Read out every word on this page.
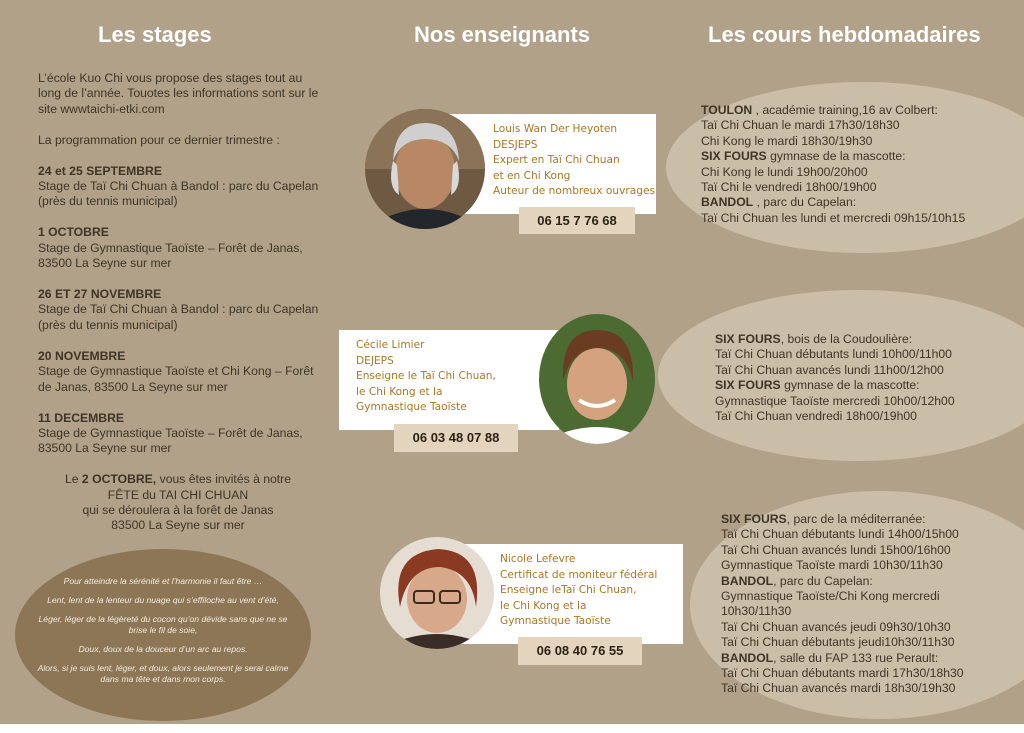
Les stages	Nos enseignants	Les cours hebdomadaires

L’école Kuo Chi vous propose des stages tout au long de l’année. Touotes les informations sont sur le site wwwtaichi-etki.com

La programmation pour ce dernier trimestre :

24 et 25 SEPTEMBRE
Stage de Taï Chi Chuan à Bandol : parc du Capelan (près du tennis municipal)

1 OCTOBRE
Stage de Gymnastique Taoïste – Forêt de Janas, 83500 La Seyne sur mer

26 ET 27 NOVEMBRE
Stage de Taï Chi Chuan à Bandol : parc du Capelan (près du tennis municipal)

20 NOVEMBRE
Stage de Gymnastique Taoïste et Chi Kong – Forêt de Janas, 83500 La Seyne sur mer

11 DECEMBRE
Stage de Gymnastique Taoïste – Forêt de Janas, 83500 La Seyne sur mer

Le 2 OCTOBRE, vous êtes invités à notre
FÊTE du TAI CHI CHUAN
qui se déroulera à la forêt de Janas
83500 La Seyne sur mer

Pour atteindre la sérénité et l’harmonie il faut être …

Lent, lent de la lenteur du nuage qui s’effiloche au vent d’été,

Léger, léger de la légèreté du cocon qu’on dévide sans que ne se brise le fil de soie,

Doux, doux de la douceur d’un arc au repos.

Alors, si je suis lent, léger, et doux, alors seulement je serai calme dans ma tête et dans mon corps.

TOULON , académie training,16 av Colbert:
Taï Chi Chuan le mardi 17h30/18h30
Chi Kong le mardi 18h30/19h30
SIX FOURS gymnase de la mascotte:
Chi Kong le lundi 19h00/20h00
Taï Chi le vendredi 18h00/19h00
BANDOL , parc du Capelan:
Taï Chi Chuan les lundi et mercredi 09h15/10h15
SIX FOURS, bois de la Coudoulière:
Taï Chi Chuan débutants lundi 10h00/11h00
Taï Chi Chuan avancés lundi 11h00/12h00
SIX FOURS gymnase de la mascotte:
Gymnastique Taoïste mercredi 10h00/12h00
Taï Chi Chuan vendredi 18h00/19h00
SIX FOURS, parc de la méditerranée:
Taï Chi Chuan débutants lundi 14h00/15h00
Taï Chi Chuan avancés lundi 15h00/16h00
Gymnastique Taoïste mardi 10h30/11h30
BANDOL, parc du Capelan:
Gymnastique Taoïste/Chi Kong mercredi
10h30/11h30
Taï Chi Chuan avancés jeudi 09h30/10h30
Taï Chi Chuan débutants jeudi10h30/11h30
BANDOL, salle du FAP 133 rue Perault:
Taï Chi Chuan débutants mardi 17h30/18h30
Taï Chi Chuan avancés mardi 18h30/19h30
Louis Wan Der Heyoten
DESJEPS
Expert en Taï Chi Chuan
et en Chi Kong
Auteur de nombreux ouvrages
06 15 7 76 68
Cécile Limier
DEJEPS
Enseigne le Taï Chi Chuan,
le Chi Kong et la
Gymnastique Taoïste
06 03 48 07 88
Nicole Lefevre
Certificat de moniteur fédéral
Enseigne leTaï Chi Chuan,
le Chi Kong et la
Gymnastique Taoïste
06 08 40 76 55
